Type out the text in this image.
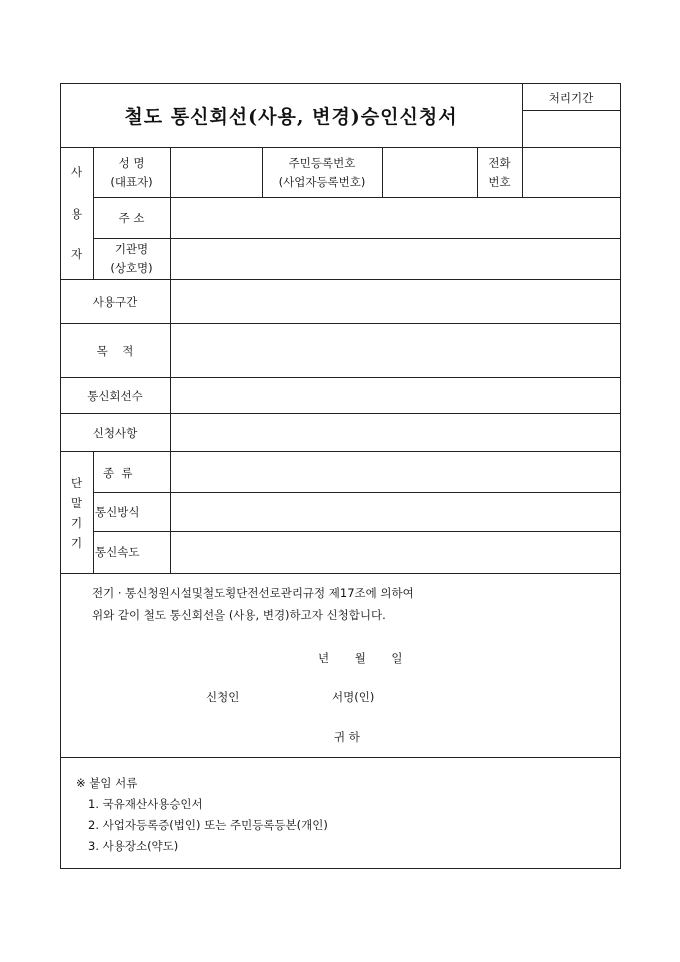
철도 통신회선(사용, 변경)승인신청서
처리기간
사
용
자
성 명
(대표자)
주민등록번호
(사업자등록번호)
전화
번호
주 소
기관명
(상호명)
사용구간
목    적
통신회선수
신청사항
단
말
기
기
종  류
통신방식
통신속도
전기 · 통신청원시설및철도횡단전선로관리규정 제17조에 의하여
위와 같이 철도 통신회선을 (사용, 변경)하고자 신청합니다.
년       월       일
신청인	서명(인)
귀 하
※ 붙임 서류
1. 국유재산사용승인서
2. 사업자등록증(법인) 또는 주민등록등본(개인)
3. 사용장소(약도)
